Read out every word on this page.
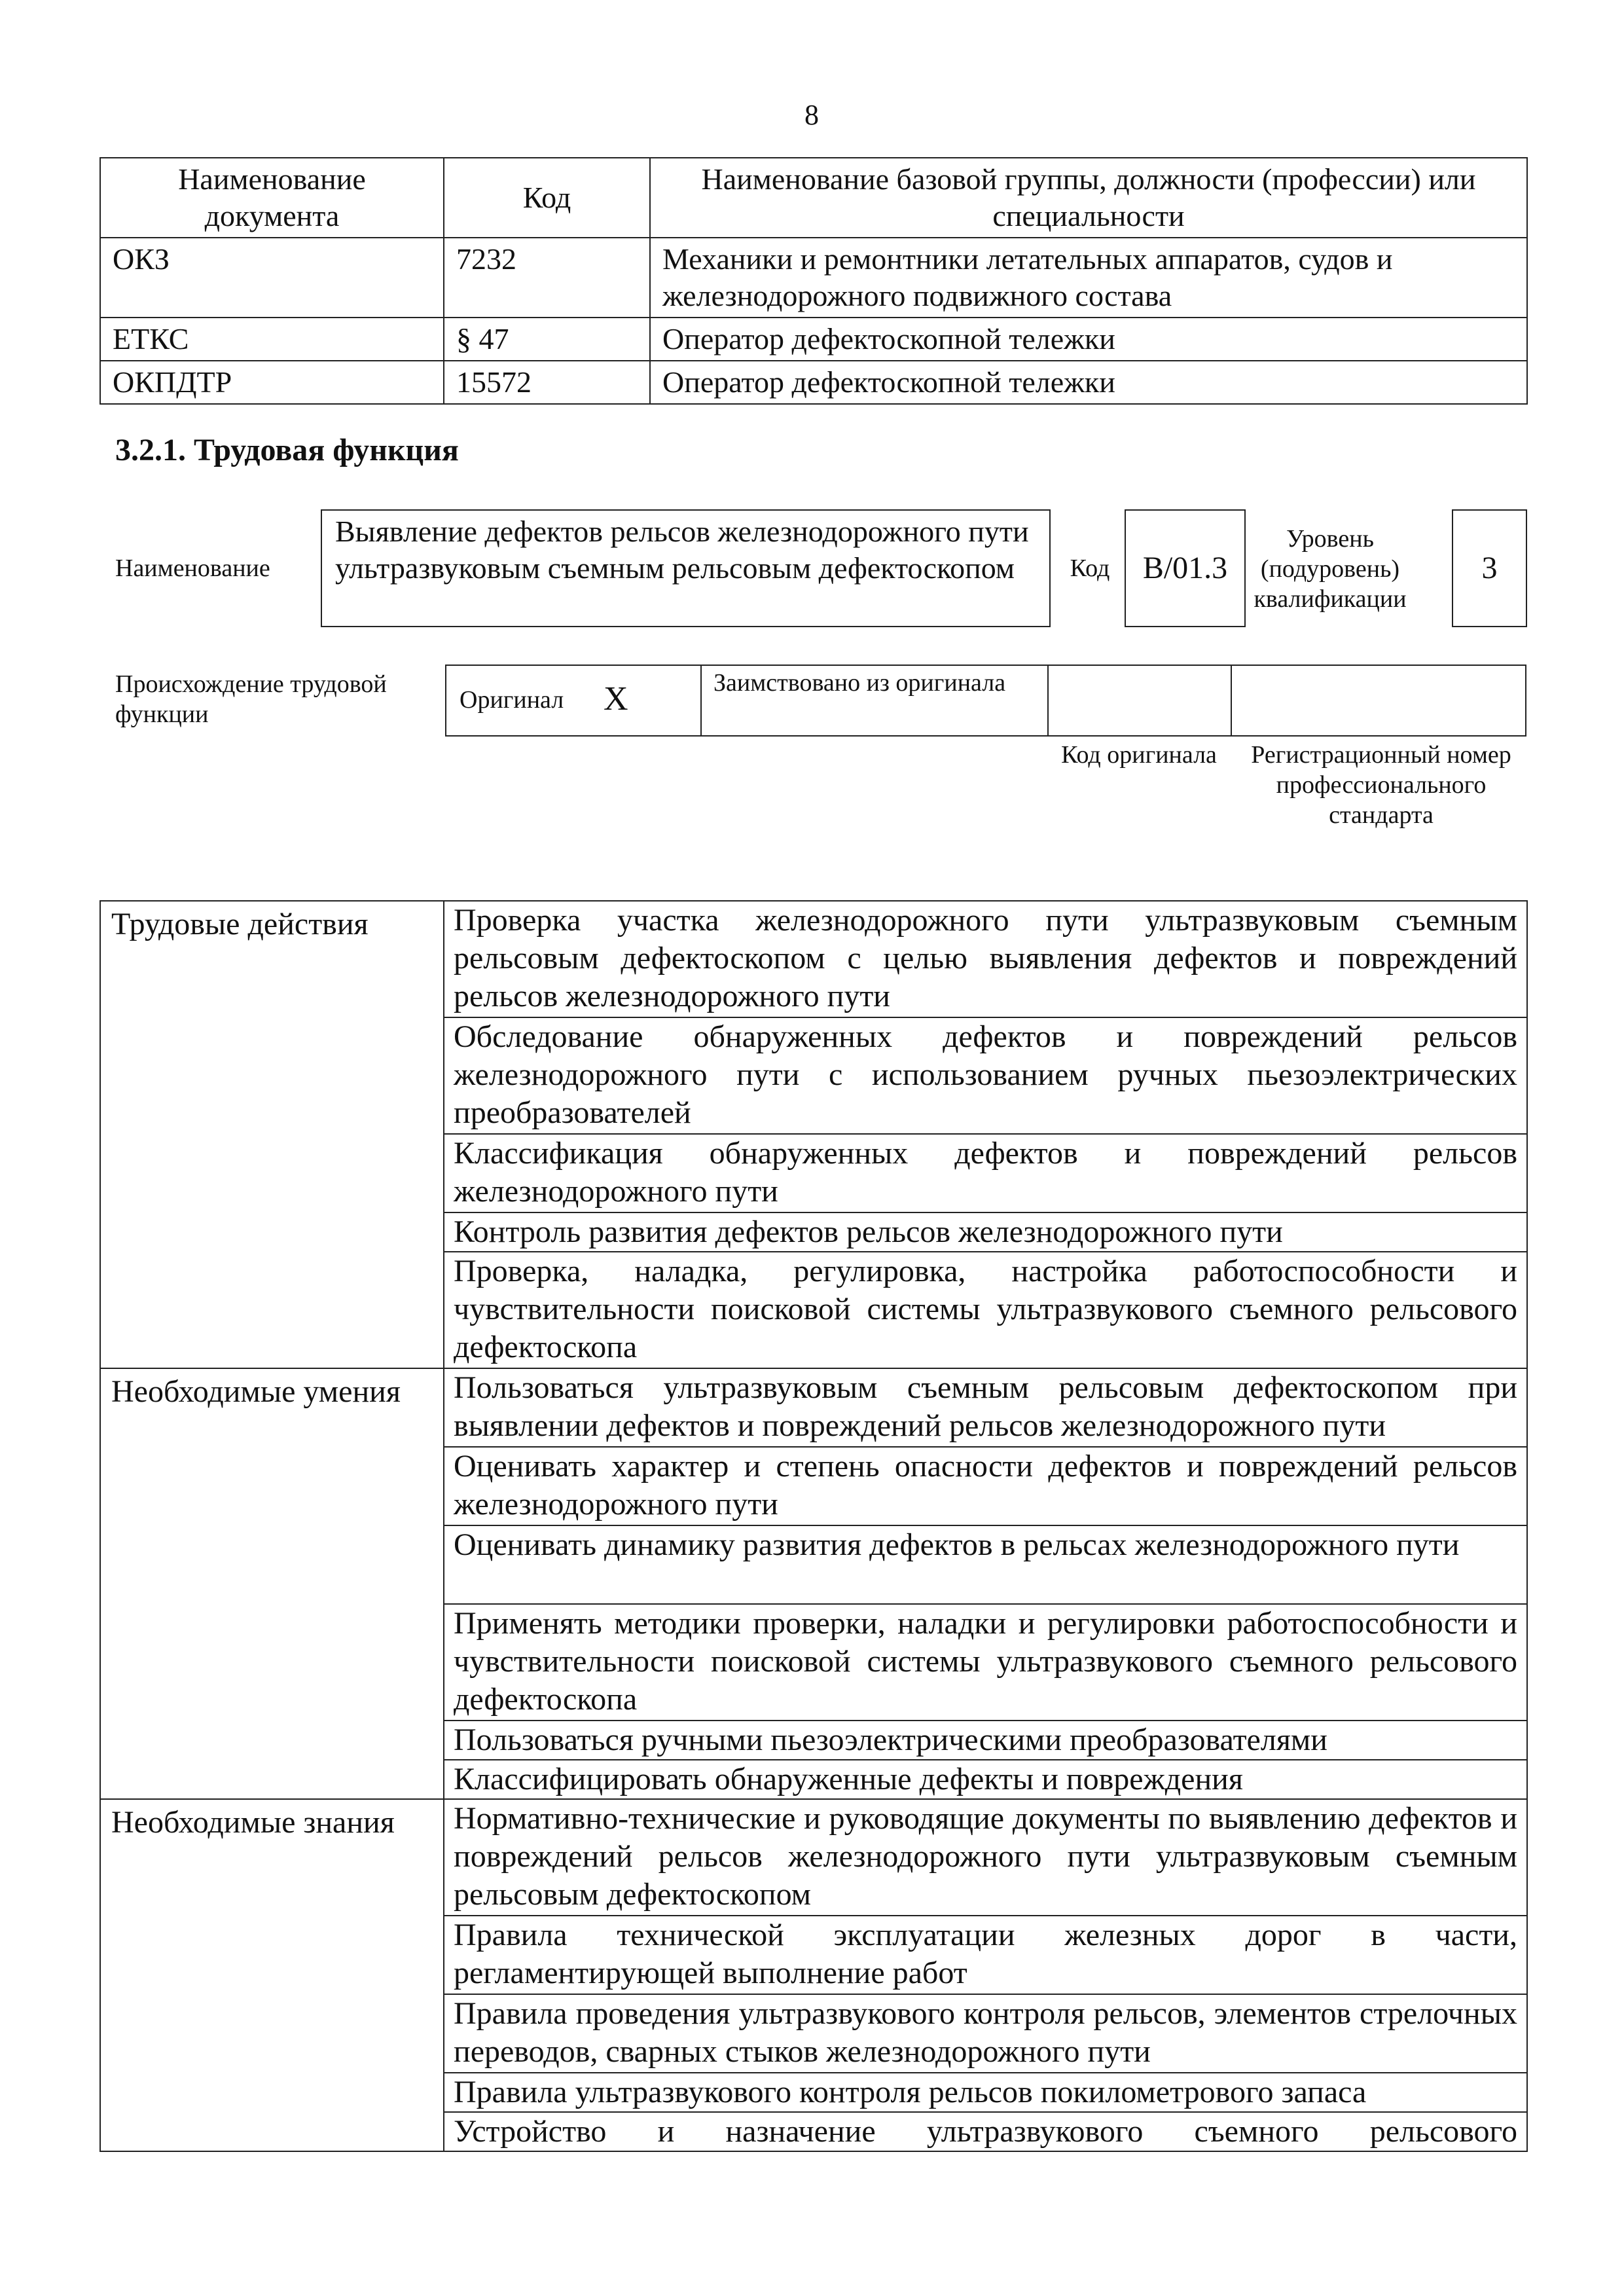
8
Наименование документа	Код	Наименование базовой группы, должности (профессии) или специальности
ОКЗ	7232	Механики и ремонтники летательных аппаратов, судов и железнодорожного подвижного состава
ЕТКС	§ 47	Оператор дефектоскопной тележки
ОКПДТР	15572	Оператор дефектоскопной тележки
3.2.1. Трудовая функция
Наименование
Выявление дефектов рельсов железнодорожного пути ультразвуковым съемным рельсовым дефектоскопом	Код	B/01.3
Уровень (подуровень) квалификации
3
Происхождение трудовой функции
Оригинал X	Заимствовано из оригинала
Код оригинала	Регистрационный номер профессионального стандарта
Трудовые действия	Проверка участка железнодорожного пути ультразвуковым съемным рельсовым дефектоскопом с целью выявления дефектов и повреждений рельсов железнодорожного пути
	Обследование обнаруженных дефектов и повреждений рельсов железнодорожного пути с использованием ручных пьезоэлектрических преобразователей
	Классификация обнаруженных дефектов и повреждений рельсов железнодорожного пути
	Контроль развития дефектов рельсов железнодорожного пути
	Проверка, наладка, регулировка, настройка работоспособности и чувствительности поисковой системы ультразвукового съемного рельсового дефектоскопа
Необходимые умения	Пользоваться ультразвуковым съемным рельсовым дефектоскопом при выявлении дефектов и повреждений рельсов железнодорожного пути
	Оценивать характер и степень опасности дефектов и повреждений рельсов железнодорожного пути
	Оценивать динамику развития дефектов в рельсах железнодорожного пути
	Применять методики проверки, наладки и регулировки работоспособности и чувствительности поисковой системы ультразвукового съемного рельсового дефектоскопа
	Пользоваться ручными пьезоэлектрическими преобразователями
	Классифицировать обнаруженные дефекты и повреждения
Необходимые знания	Нормативно-технические и руководящие документы по выявлению дефектов и повреждений рельсов железнодорожного пути ультразвуковым съемным рельсовым дефектоскопом
	Правила технической эксплуатации железных дорог в части, регламентирующей выполнение работ
	Правила проведения ультразвукового контроля рельсов, элементов стрелочных переводов, сварных стыков железнодорожного пути
	Правила ультразвукового контроля рельсов покилометрового запаса
	Устройство и назначение ультразвукового съемного рельсового
